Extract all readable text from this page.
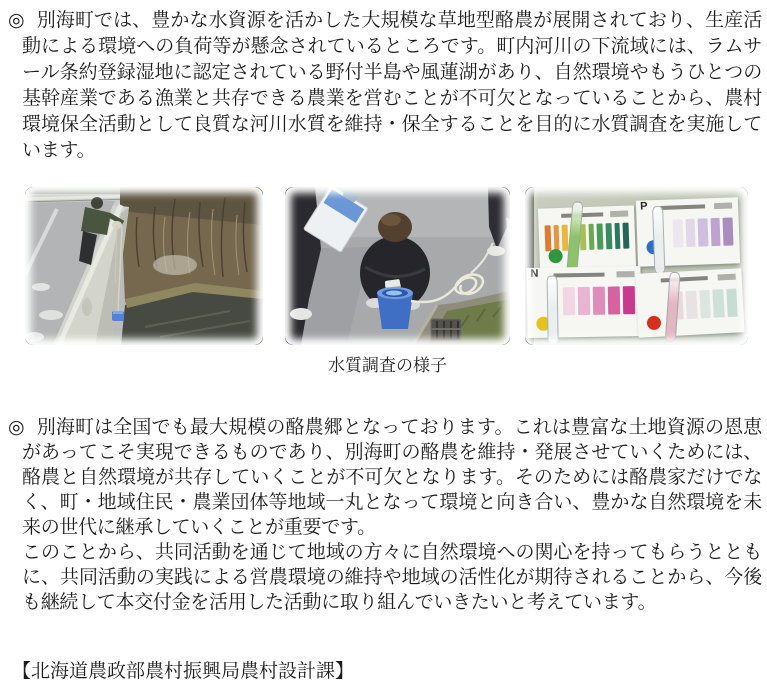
◎ 別海町では、豊かな水資源を活かした大規模な草地型酪農が展開されており、生産活動による環境への負荷等が懸念されているところです。町内河川の下流域には、ラムサール条約登録湿地に認定されている野付半島や風蓮湖があり、自然環境やもうひとつの基幹産業である漁業と共存できる農業を営むことが不可欠となっていることから、農村環境保全活動として良質な河川水質を維持・保全することを目的に水質調査を実施しています。

P
N
水質調査の様子

◎ 別海町は全国でも最大規模の酪農郷となっております。これは豊富な土地資源の恩恵があってこそ実現できるものであり、別海町の酪農を維持・発展させていくためには、酪農と自然環境が共存していくことが不可欠となります。そのためには酪農家だけでなく、町・地域住民・農業団体等地域一丸となって環境と向き合い、豊かな自然環境を未来の世代に継承していくことが重要です。

このことから、共同活動を通じて地域の方々に自然環境への関心を持ってもらうとともに、共同活動の実践による営農環境の維持や地域の活性化が期待されることから、今後も継続して本交付金を活用した活動に取り組んでいきたいと考えています。

【北海道農政部農村振興局農村設計課】
